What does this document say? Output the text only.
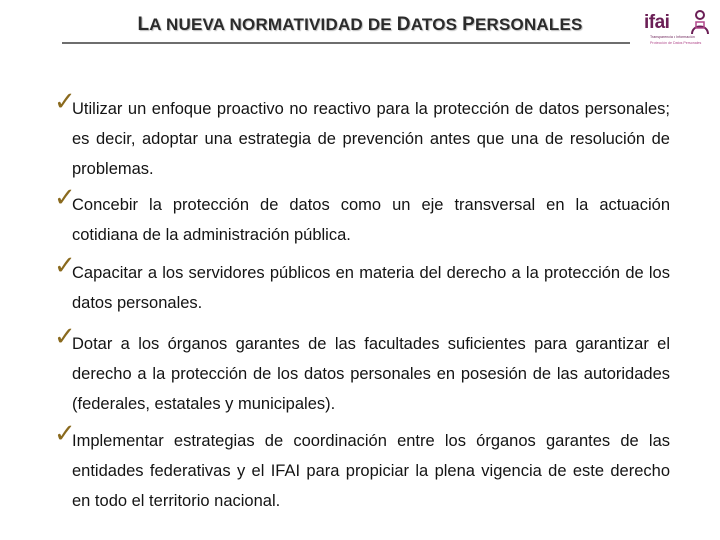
LA NUEVA NORMATIVIDAD DE DATOS PERSONALES	ifai
Transparencia • Información
Protección de Datos Personales
✓
Utilizar un enfoque proactivo no reactivo para la protección de datos personales; es decir, adoptar una estrategia de prevención antes que una de resolución de problemas.
✓
Concebir la protección de datos como un eje transversal en la actuación cotidiana de la administración pública.
✓
Capacitar a los servidores públicos en materia del derecho a la protección de los datos personales.
✓
Dotar a los órganos garantes de las facultades suficientes para garantizar el derecho a la protección de los datos personales en posesión de las autoridades (federales, estatales y municipales).
✓
Implementar estrategias de coordinación entre los órganos garantes de las entidades federativas y el IFAI para propiciar la plena vigencia de este derecho en todo el territorio nacional.
